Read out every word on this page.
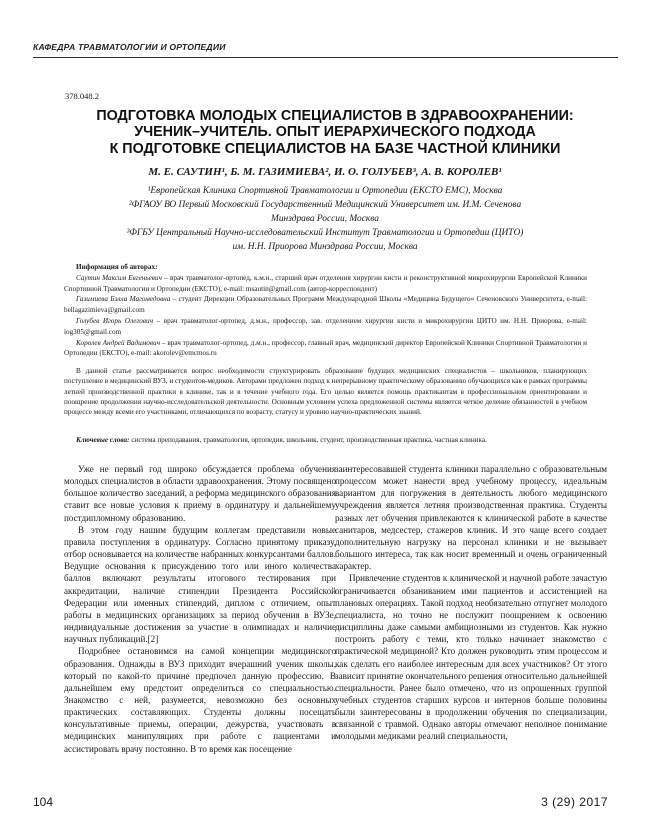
КАФЕДРА ТРАВМАТОЛОГИИ И ОРТОПЕДИИ
378.048.2
ПОДГОТОВКА МОЛОДЫХ СПЕЦИАЛИСТОВ В ЗДРАВООХРАНЕНИИ:
УЧЕНИК–УЧИТЕЛЬ. ОПЫТ ИЕРАРХИЧЕСКОГО ПОДХОДА
К ПОДГОТОВКЕ СПЕЦИАЛИСТОВ НА БАЗЕ ЧАСТНОЙ КЛИНИКИ
М. Е. САУТИН¹, Б. М. ГАЗИМИЕВА², И. О. ГОЛУБЕВ³, А. В. КОРОЛЕВ¹
¹Европейская Клиника Спортивной Травматологии и Ортопедии (ЕКСТО ЕМС), Москва
²ФГАОУ ВО Первый Московский Государственный Медицинский Университет им. И.М. Сеченова
Минздрава России, Москва
³ФГБУ Центральный Научно-исследовательский Институт Травматологии и Ортопедии (ЦИТО)
им. Н.Н. Приорова Минздрава России, Москва

Информация об авторах:

Саутин Максим Евгеньевич – врач травматолог-ортопед, к.м.н., старший врач отделения хирургии кисти и реконструктивной микрохирургии Европейской Клиники Спортивной Травматологии и Ортопедии (ЕКСТО), e-mail: msautin@gmail.com (автор-корреспондент)

Газимиева Бэлла Магомедовна – студент Дирекции Образовательных Программ Международной Школы «Медицина Будущего» Сеченовского Университета, e-mail: bellagazimieva@gmail.com

Голубев Игорь Олегович – врач травматолог-ортопед, д.м.н., профессор, зав. отделением хирургии кисти и микрохирургии ЦИТО им. Н.Н. Приорова, e-mail: iog305@gmail.com

Королев Андрей Вадимович – врач травматолог-ортопед, д.м.н., профессор, главный врач, медицинский директор Европейской Клиники Спортивной Травматологии и Ортопедии (ЕКСТО), e-mail: akorolev@emcmos.ru

В данной статье рассматривается вопрос необходимости структурировать образование будущих медицинских специалистов – школьников, планирующих поступление в медицинский ВУЗ, и студентов-медиков. Авторами предложен подход к непрерывному практическому образованию обучающихся как в рамках программы летней производственной практики в клинике, так и в течение учебного года. Его целью является помощь практикантам в профессиональном ориентировании и поощрение продолжения научно-исследовательской деятельности. Основным условием успеха предложенной системы является четкое деление обязанностей в учебном процессе между всеми его участниками, отличающихся по возрасту, статусу и уровню научно-практических знаний.

Ключевые слова: система преподавания, травматология, ортопедия, школьник, студент, производственная практика, частная клиника.

Уже не первый год широко обсуждается проблема обучения молодых специалистов в области здравоохранения. Этому посвящено большое количество заседаний, а реформа медицинского образования ставит все новые условия к приему в ординатуру и дальнейшему постдипломному образованию.

В этом году нашим будущим коллегам представили новые правила поступления в ординатуру. Согласно принятому приказу, отбор основывается на количестве набранных конкурсантами баллов. Ведущие основания к присуждению того или иного количества баллов включают результаты итогового тестирования при аккредитации, наличие стипендии Президента Российской Федерации или именных стипендий, диплом с отличием, опыт работы в медицинских организациях за период обучения в ВУЗе, индивидуальные достижения за участие в олимпиадах и наличие научных публикаций.[2]

Подробнее остановимся на самой концепции медицинского образования. Однажды в ВУЗ приходит вчерашний ученик школы, который по какой-то причине предпочел данную профессию. В дальнейшем ему предстоит определиться со специальностью. Знакомство с ней, разумеется, невозможно без основных практических составляющих. Студенты должны посещать консультативные приемы, операции, дежурства, участвовать в медицинских манипуляциях при работе с пациентами и ассистировать врачу постоянно. В то время как посещение

заинтересовавшей студента клиники параллельно с образовательным процессом может нанести вред учебному процессу, идеальным вариантом для погружения в деятельность любого медицинского учреждения является летняя производственная практика. Студенты разных лет обучения привлекаются к клинической работе в качестве санитаров, медсестер, стажеров клиник. И это чаще всего создает дополнительную нагрузку на персонал клиники и не вызывает большого интереса, так как носит временный и очень ограниченный характер.

Привлечение студентов к клинической и научной работе зачастую ограничивается обзаниванием ими пациентов и ассистенцией на плановых операциях. Такой подход необязательно отпугнет молодого специалиста, но точно не послужит поощрением к освоению дисциплины даже самыми амбициозными из студентов. Как нужно построить работу с теми, кто только начинает знакомство с практической медициной? Кто должен руководить этим процессом и как сделать его наиболее интересным для всех участников? От этого зависит принятие окончательного решения относительно дальнейшей специальности. Ранее было отмечено, что из опрошенных группой учебных студентов старших курсов и интернов больше половины были заинтересованы в продолжении обучения по специализации, связанной с травмой. Однако авторы отмечают неполное понимание молодыми медиками реалий специальности,

104	3 (29) 2017
